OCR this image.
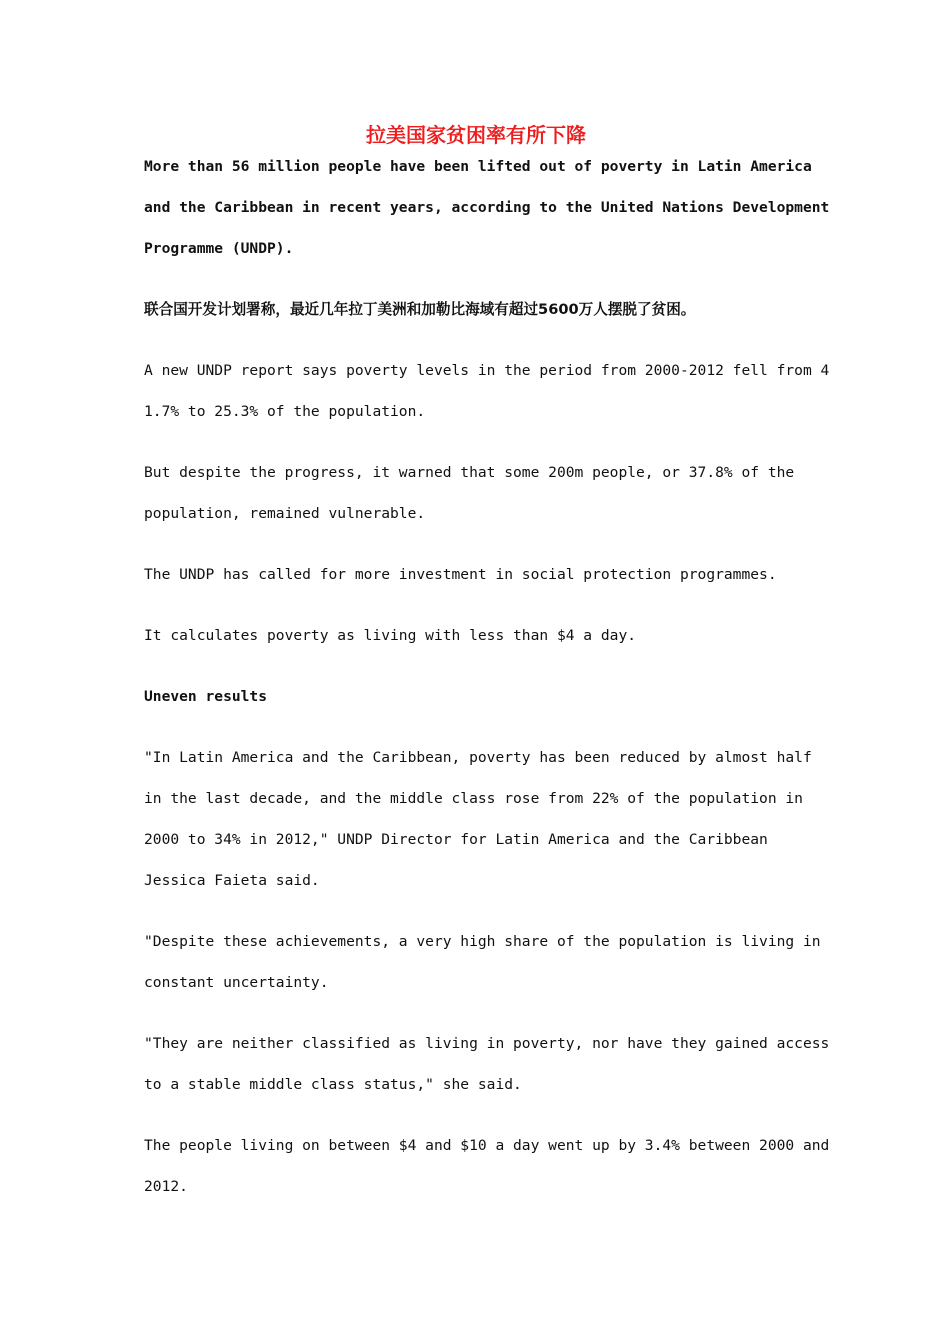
拉美国家贫困率有所下降
More than 56 million people have been lifted out of poverty in Latin America
and the Caribbean in recent years, according to the United Nations Development
Programme (UNDP).
联合国开发计划署称，最近几年拉丁美洲和加勒比海域有超过5600万人摆脱了贫困。
A new UNDP report says poverty levels in the period from 2000-2012 fell from 4
1.7% to 25.3% of the population.
But despite the progress, it warned that some 200m people, or 37.8% of the
population, remained vulnerable.
The UNDP has called for more investment in social protection programmes.
It calculates poverty as living with less than $4 a day.
Uneven results
"In Latin America and the Caribbean, poverty has been reduced by almost half
in the last decade, and the middle class rose from 22% of the population in
2000 to 34% in 2012," UNDP Director for Latin America and the Caribbean
Jessica Faieta said.
"Despite these achievements, a very high share of the population is living in
constant uncertainty.
"They are neither classified as living in poverty, nor have they gained access
to a stable middle class status," she said.
The people living on between $4 and $10 a day went up by 3.4% between 2000 and
2012.
